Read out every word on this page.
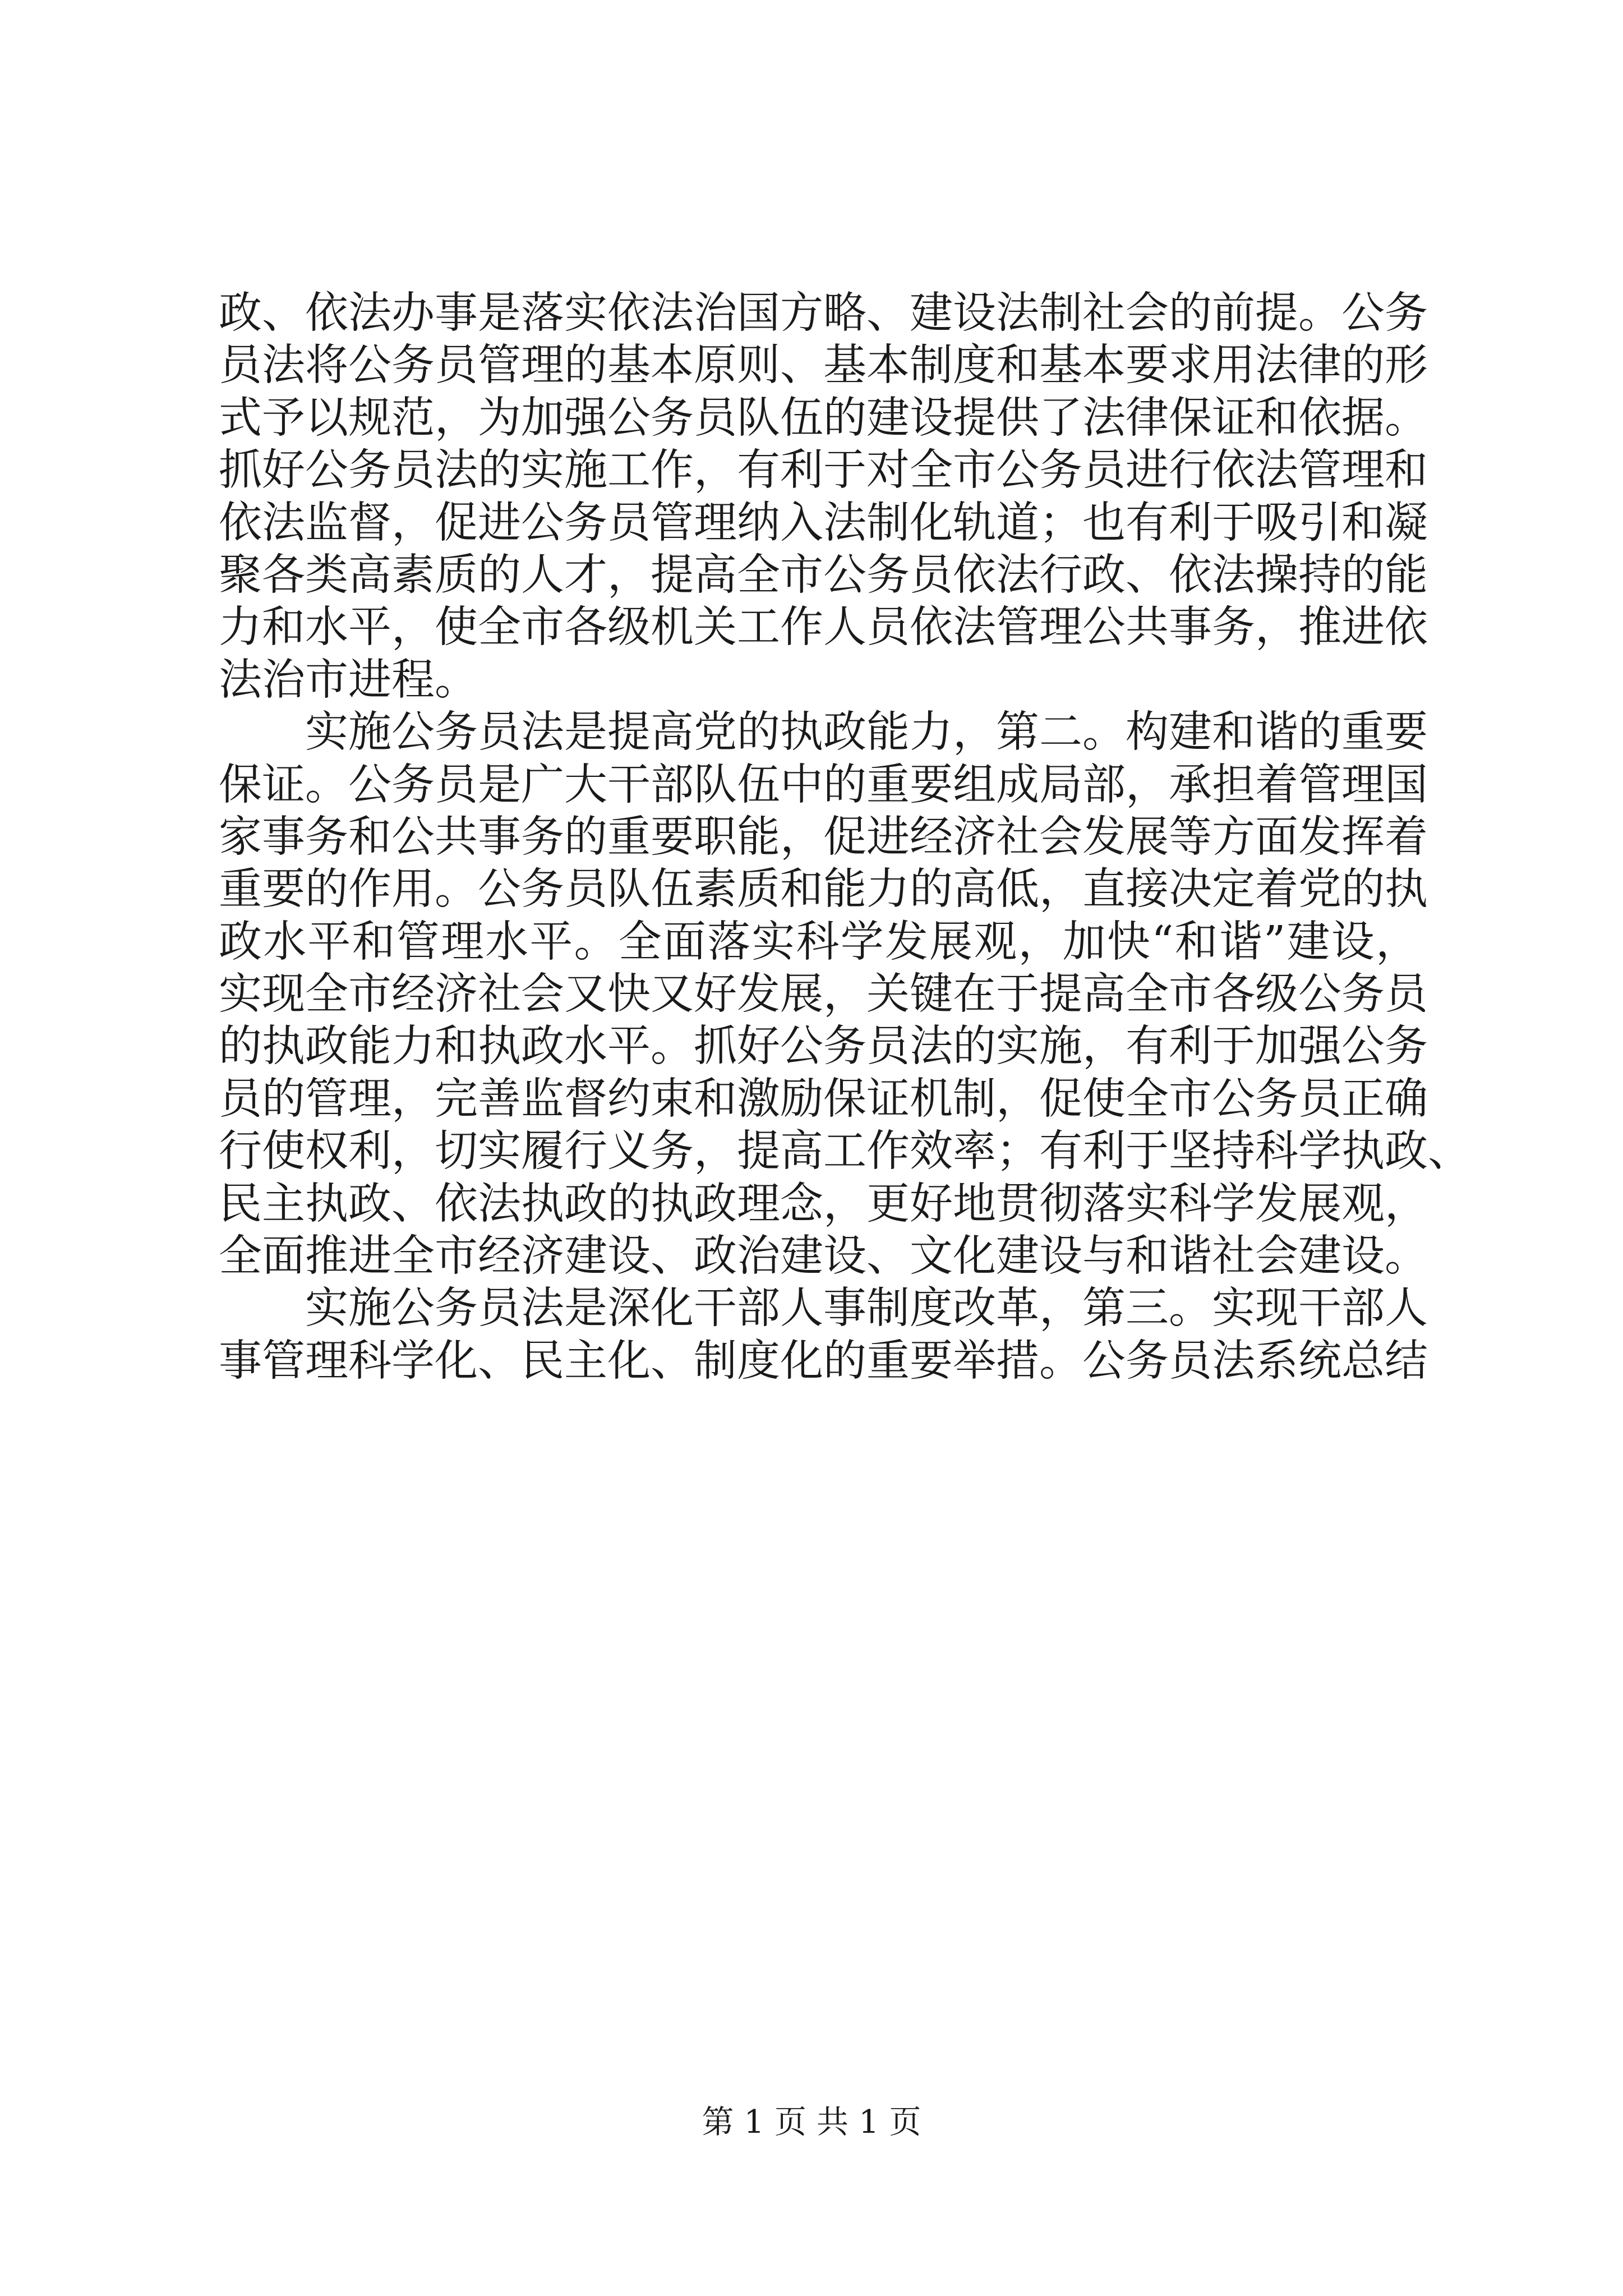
政、依法办事是落实依法治国方略、建设法制社会的前提。公务
员法将公务员管理的基本原则、基本制度和基本要求用法律的形
式予以规范，为加强公务员队伍的建设提供了法律保证和依据。
抓好公务员法的实施工作，有利于对全市公务员进行依法管理和
依法监督，促进公务员管理纳入法制化轨道；也有利于吸引和凝
聚各类高素质的人才，提高全市公务员依法行政、依法操持的能
力和水平，使全市各级机关工作人员依法管理公共事务，推进依
法治市进程。
实施公务员法是提高党的执政能力，第二。构建和谐的重要
保证。公务员是广大干部队伍中的重要组成局部，承担着管理国
家事务和公共事务的重要职能，促进经济社会发展等方面发挥着
重要的作用。公务员队伍素质和能力的高低，直接决定着党的执
政水平和管理水平。全面落实科学发展观，加快“和谐”建设，
实现全市经济社会又快又好发展，关键在于提高全市各级公务员
的执政能力和执政水平。抓好公务员法的实施，有利于加强公务
员的管理，完善监督约束和激励保证机制，促使全市公务员正确
行使权利，切实履行义务，提高工作效率；有利于坚持科学执政、
民主执政、依法执政的执政理念，更好地贯彻落实科学发展观，
全面推进全市经济建设、政治建设、文化建设与和谐社会建设。
实施公务员法是深化干部人事制度改革，第三。实现干部人
事管理科学化、民主化、制度化的重要举措。公务员法系统总结
第 1 页 共 1 页
